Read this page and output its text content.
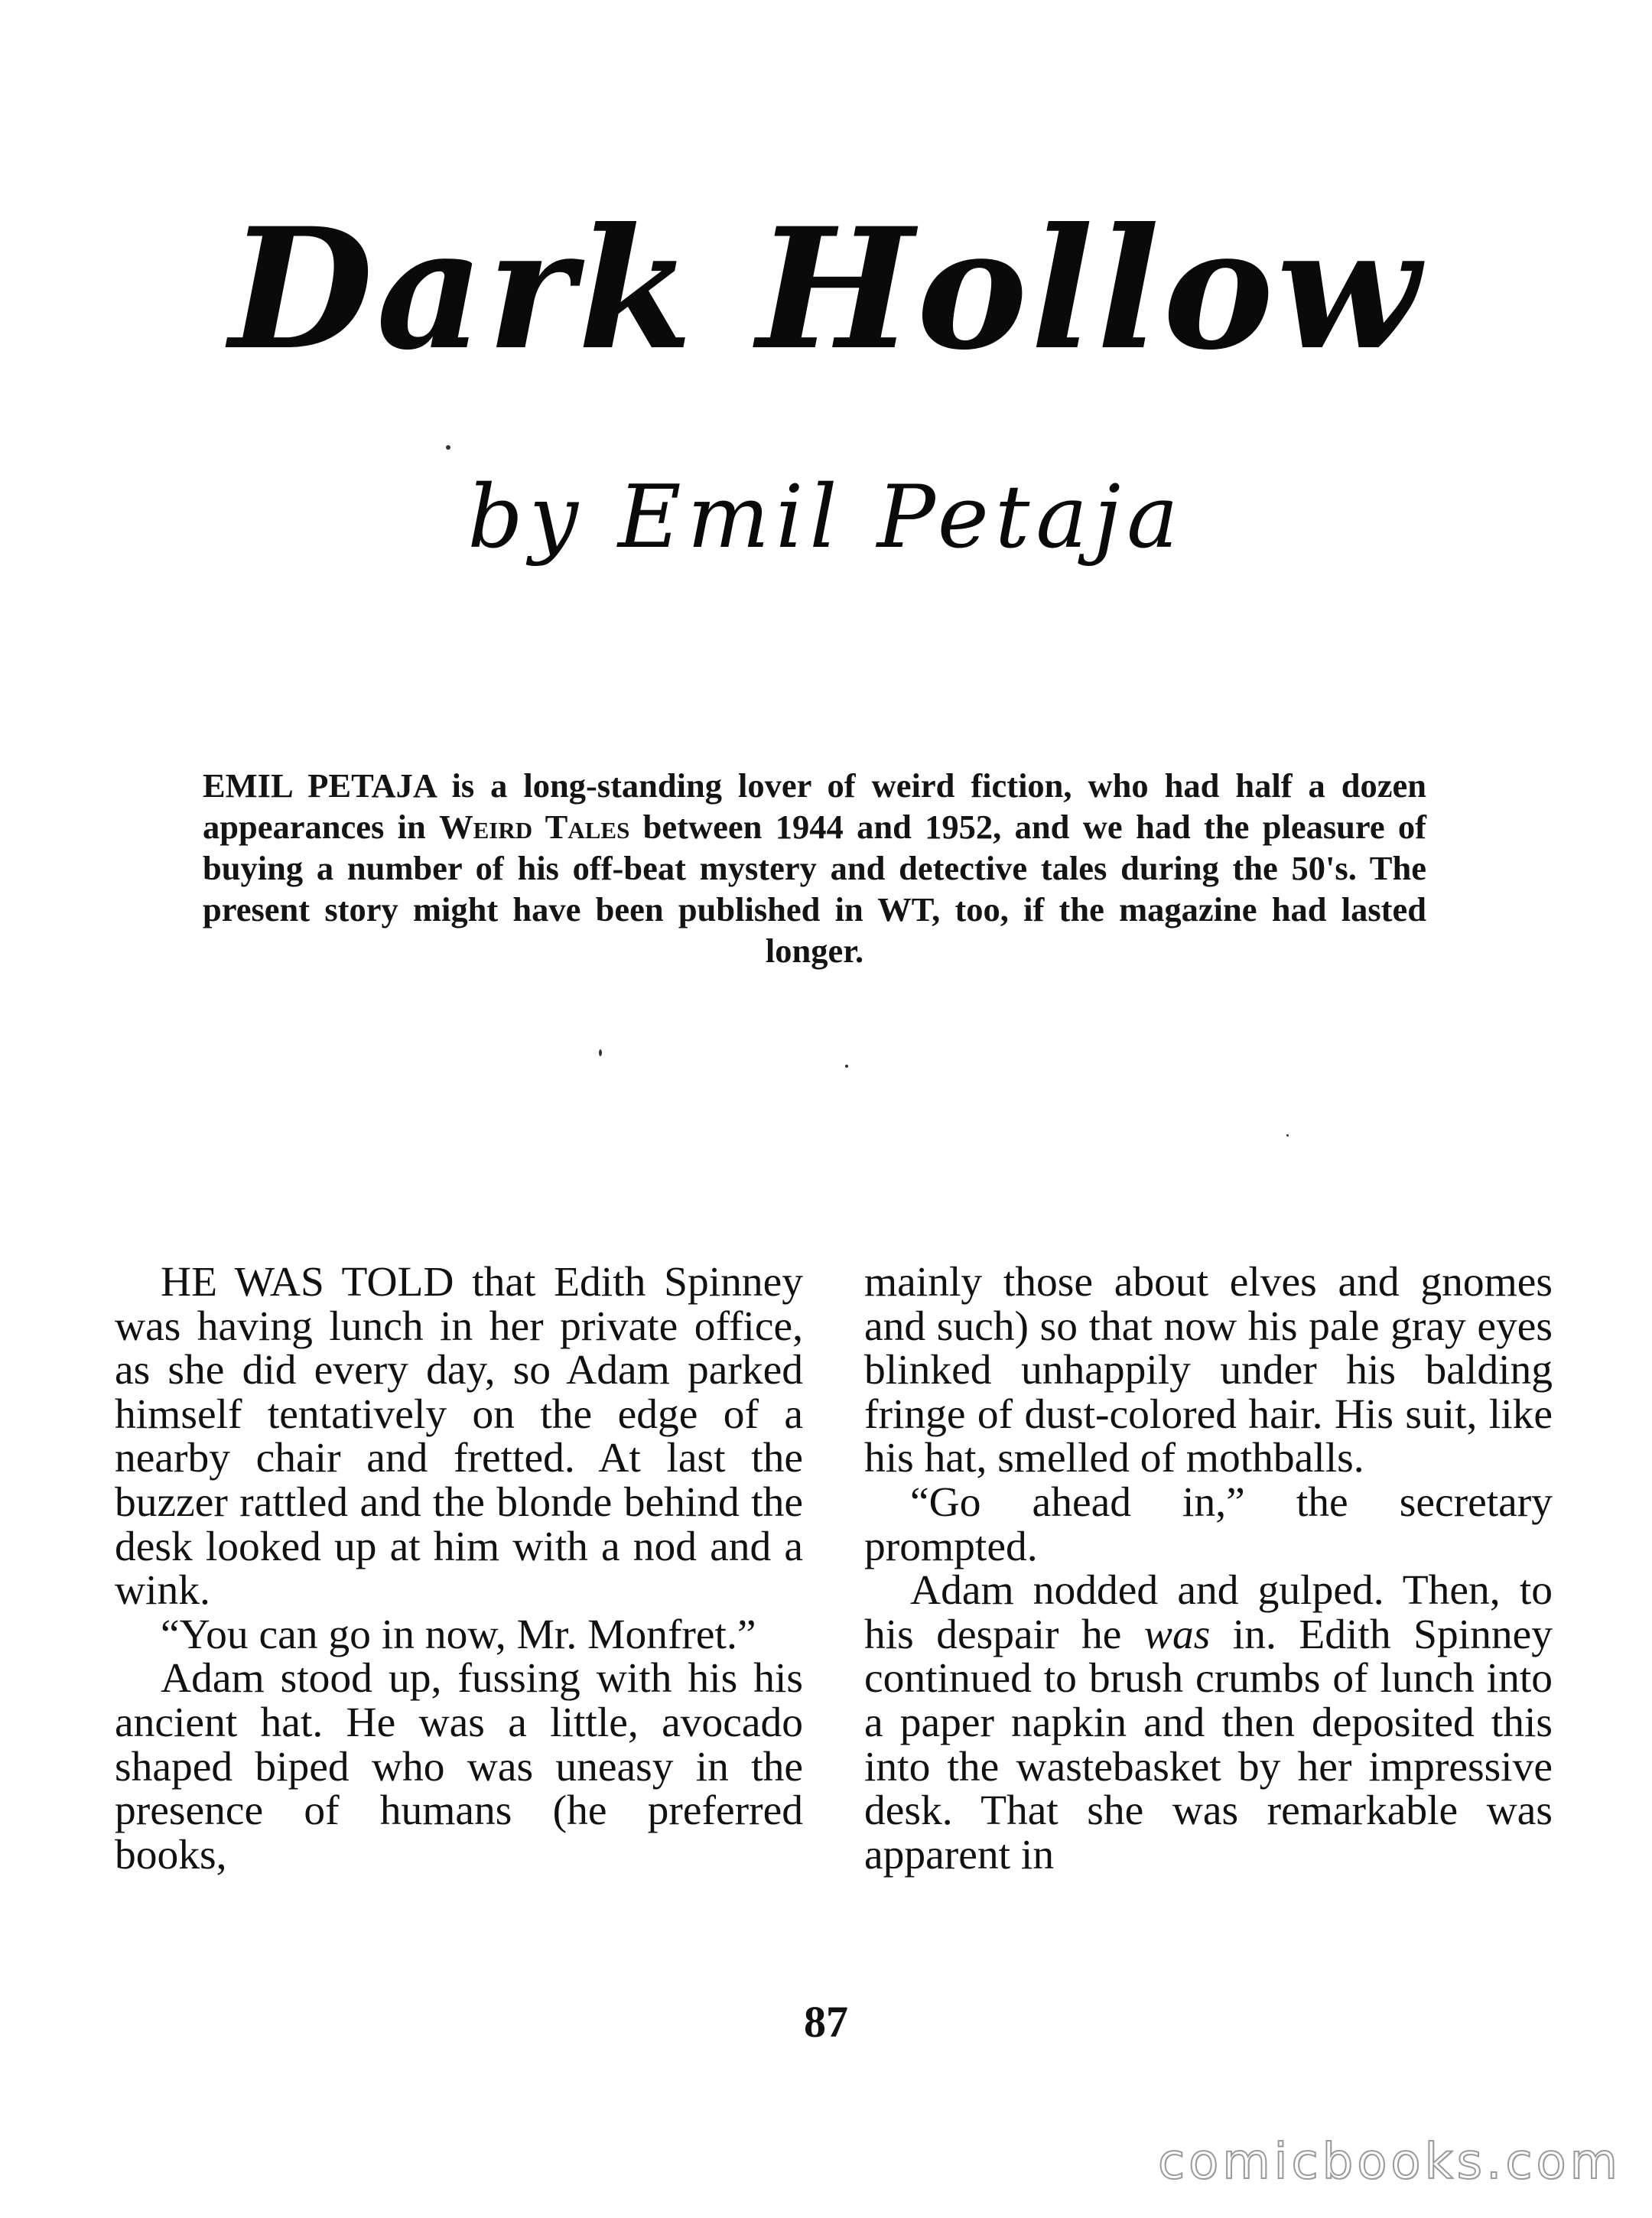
Dark Hollow
by Emil Petaja

EMIL PETAJA is a long-standing lover of weird fiction, who had half a dozen appearances in Weird Tales between 1944 and 1952, and we had the pleasure of buying a number of his off-beat mystery and detective tales during the 50's. The present story might have been published in WT, too, if the magazine had lasted longer.

HE WAS TOLD that Edith Spinney was having lunch in her private office, as she did every day, so Adam parked himself tentatively on the edge of a nearby chair and fretted. At last the buzzer rattled and the blonde behind the desk looked up at him with a nod and a wink.

“You can go in now, Mr. Monfret.”

Adam stood up, fussing with his his ancient hat. He was a little, avocado shaped biped who was uneasy in the presence of humans (he preferred books,

mainly those about elves and gnomes and such) so that now his pale gray eyes blinked unhappily under his balding fringe of dust-colored hair. His suit, like his hat, smelled of mothballs.

“Go ahead in,” the secretary prompted.

Adam nodded and gulped. Then, to his despair he was in. Edith Spinney continued to brush crumbs of lunch into a paper napkin and then deposited this into the wastebasket by her impressive desk. That she was remarkable was apparent in

87
comicbooks.com
